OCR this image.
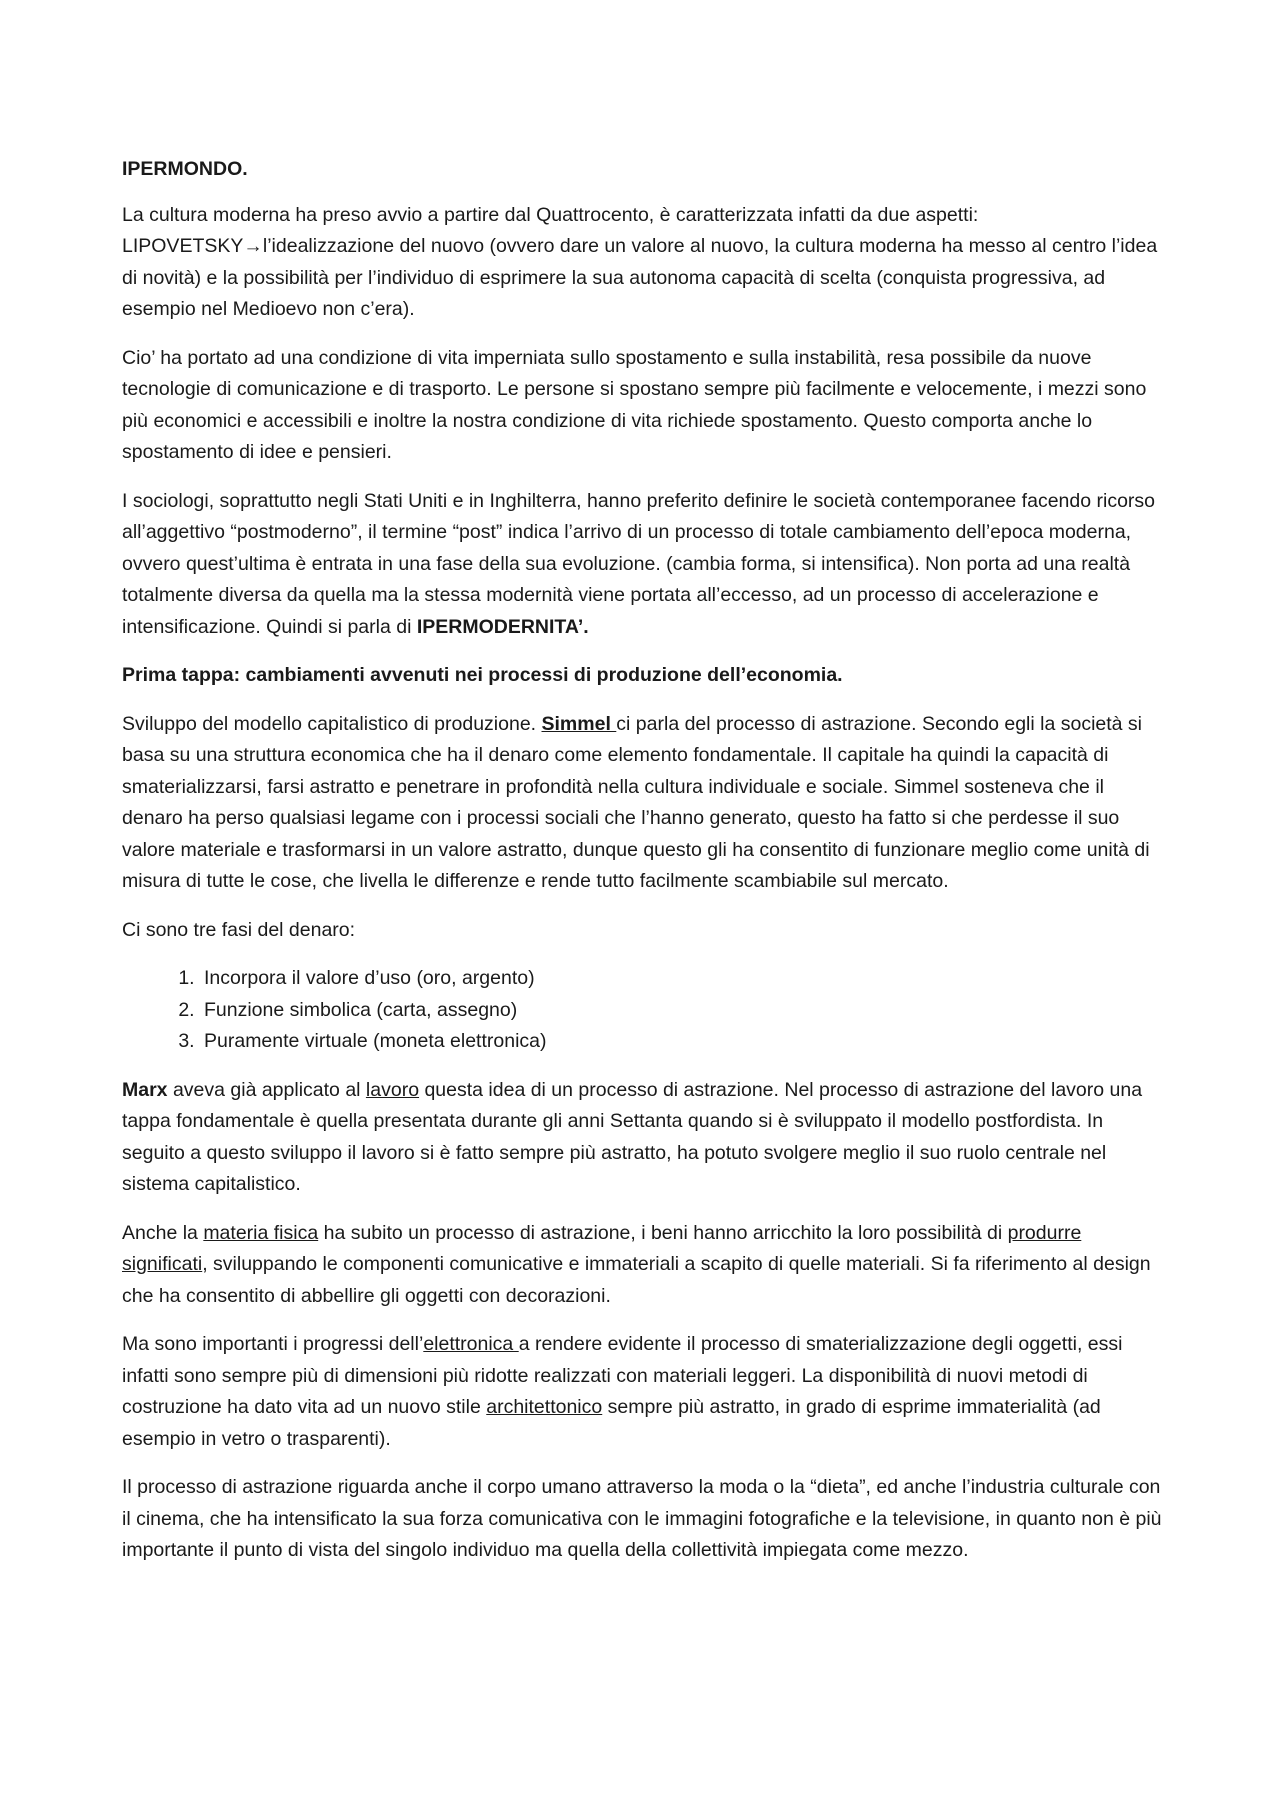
IPERMONDO.

La cultura moderna ha preso avvio a partire dal Quattrocento, è caratterizzata infatti da due aspetti: LIPOVETSKY→l’idealizzazione del nuovo (ovvero dare un valore al nuovo, la cultura moderna ha messo al centro l’idea di novità) e la possibilità per l’individuo di esprimere la sua autonoma capacità di scelta (conquista progressiva, ad esempio nel Medioevo non c’era).

Cio’ ha portato ad una condizione di vita imperniata sullo spostamento e sulla instabilità, resa possibile da nuove tecnologie di comunicazione e di trasporto. Le persone si spostano sempre più facilmente e velocemente, i mezzi sono più economici e accessibili e inoltre la nostra condizione di vita richiede spostamento. Questo comporta anche lo spostamento di idee e pensieri.

I sociologi, soprattutto negli Stati Uniti e in Inghilterra, hanno preferito definire le società contemporanee facendo ricorso all’aggettivo “postmoderno”, il termine “post” indica l’arrivo di un processo di totale cambiamento dell’epoca moderna, ovvero quest’ultima è entrata in una fase della sua evoluzione. (cambia forma, si intensifica). Non porta ad una realtà totalmente diversa da quella ma la stessa modernità viene portata all’eccesso, ad un processo di accelerazione e intensificazione. Quindi si parla di IPERMODERNITA’.

Prima tappa: cambiamenti avvenuti nei processi di produzione dell’economia.

Sviluppo del modello capitalistico di produzione. Simmel ci parla del processo di astrazione. Secondo egli la società si basa su una struttura economica che ha il denaro come elemento fondamentale. Il capitale ha quindi la capacità di smaterializzarsi, farsi astratto e penetrare in profondità nella cultura individuale e sociale. Simmel sosteneva che il denaro ha perso qualsiasi legame con i processi sociali che l’hanno generato, questo ha fatto si che perdesse il suo valore materiale e trasformarsi in un valore astratto, dunque questo gli ha consentito di funzionare meglio come unità di misura di tutte le cose, che livella le differenze e rende tutto facilmente scambiabile sul mercato.

Ci sono tre fasi del denaro:

1. Incorpora il valore d’uso (oro, argento)
2. Funzione simbolica (carta, assegno)
3. Puramente virtuale (moneta elettronica)

Marx aveva già applicato al lavoro questa idea di un processo di astrazione. Nel processo di astrazione del lavoro una tappa fondamentale è quella presentata durante gli anni Settanta quando si è sviluppato il modello postfordista. In seguito a questo sviluppo il lavoro si è fatto sempre più astratto, ha potuto svolgere meglio il suo ruolo centrale nel sistema capitalistico.

Anche la materia fisica ha subito un processo di astrazione, i beni hanno arricchito la loro possibilità di produrre significati, sviluppando le componenti comunicative e immateriali a scapito di quelle materiali. Si fa riferimento al design che ha consentito di abbellire gli oggetti con decorazioni.

Ma sono importanti i progressi dell’elettronica a rendere evidente il processo di smaterializzazione degli oggetti, essi infatti sono sempre più di dimensioni più ridotte realizzati con materiali leggeri. La disponibilità di nuovi metodi di costruzione ha dato vita ad un nuovo stile architettonico sempre più astratto, in grado di esprime immaterialità (ad esempio in vetro o trasparenti).

Il processo di astrazione riguarda anche il corpo umano attraverso la moda o la “dieta”, ed anche l’industria culturale con il cinema, che ha intensificato la sua forza comunicativa con le immagini fotografiche e la televisione, in quanto non è più importante il punto di vista del singolo individuo ma quella della collettività impiegata come mezzo.
